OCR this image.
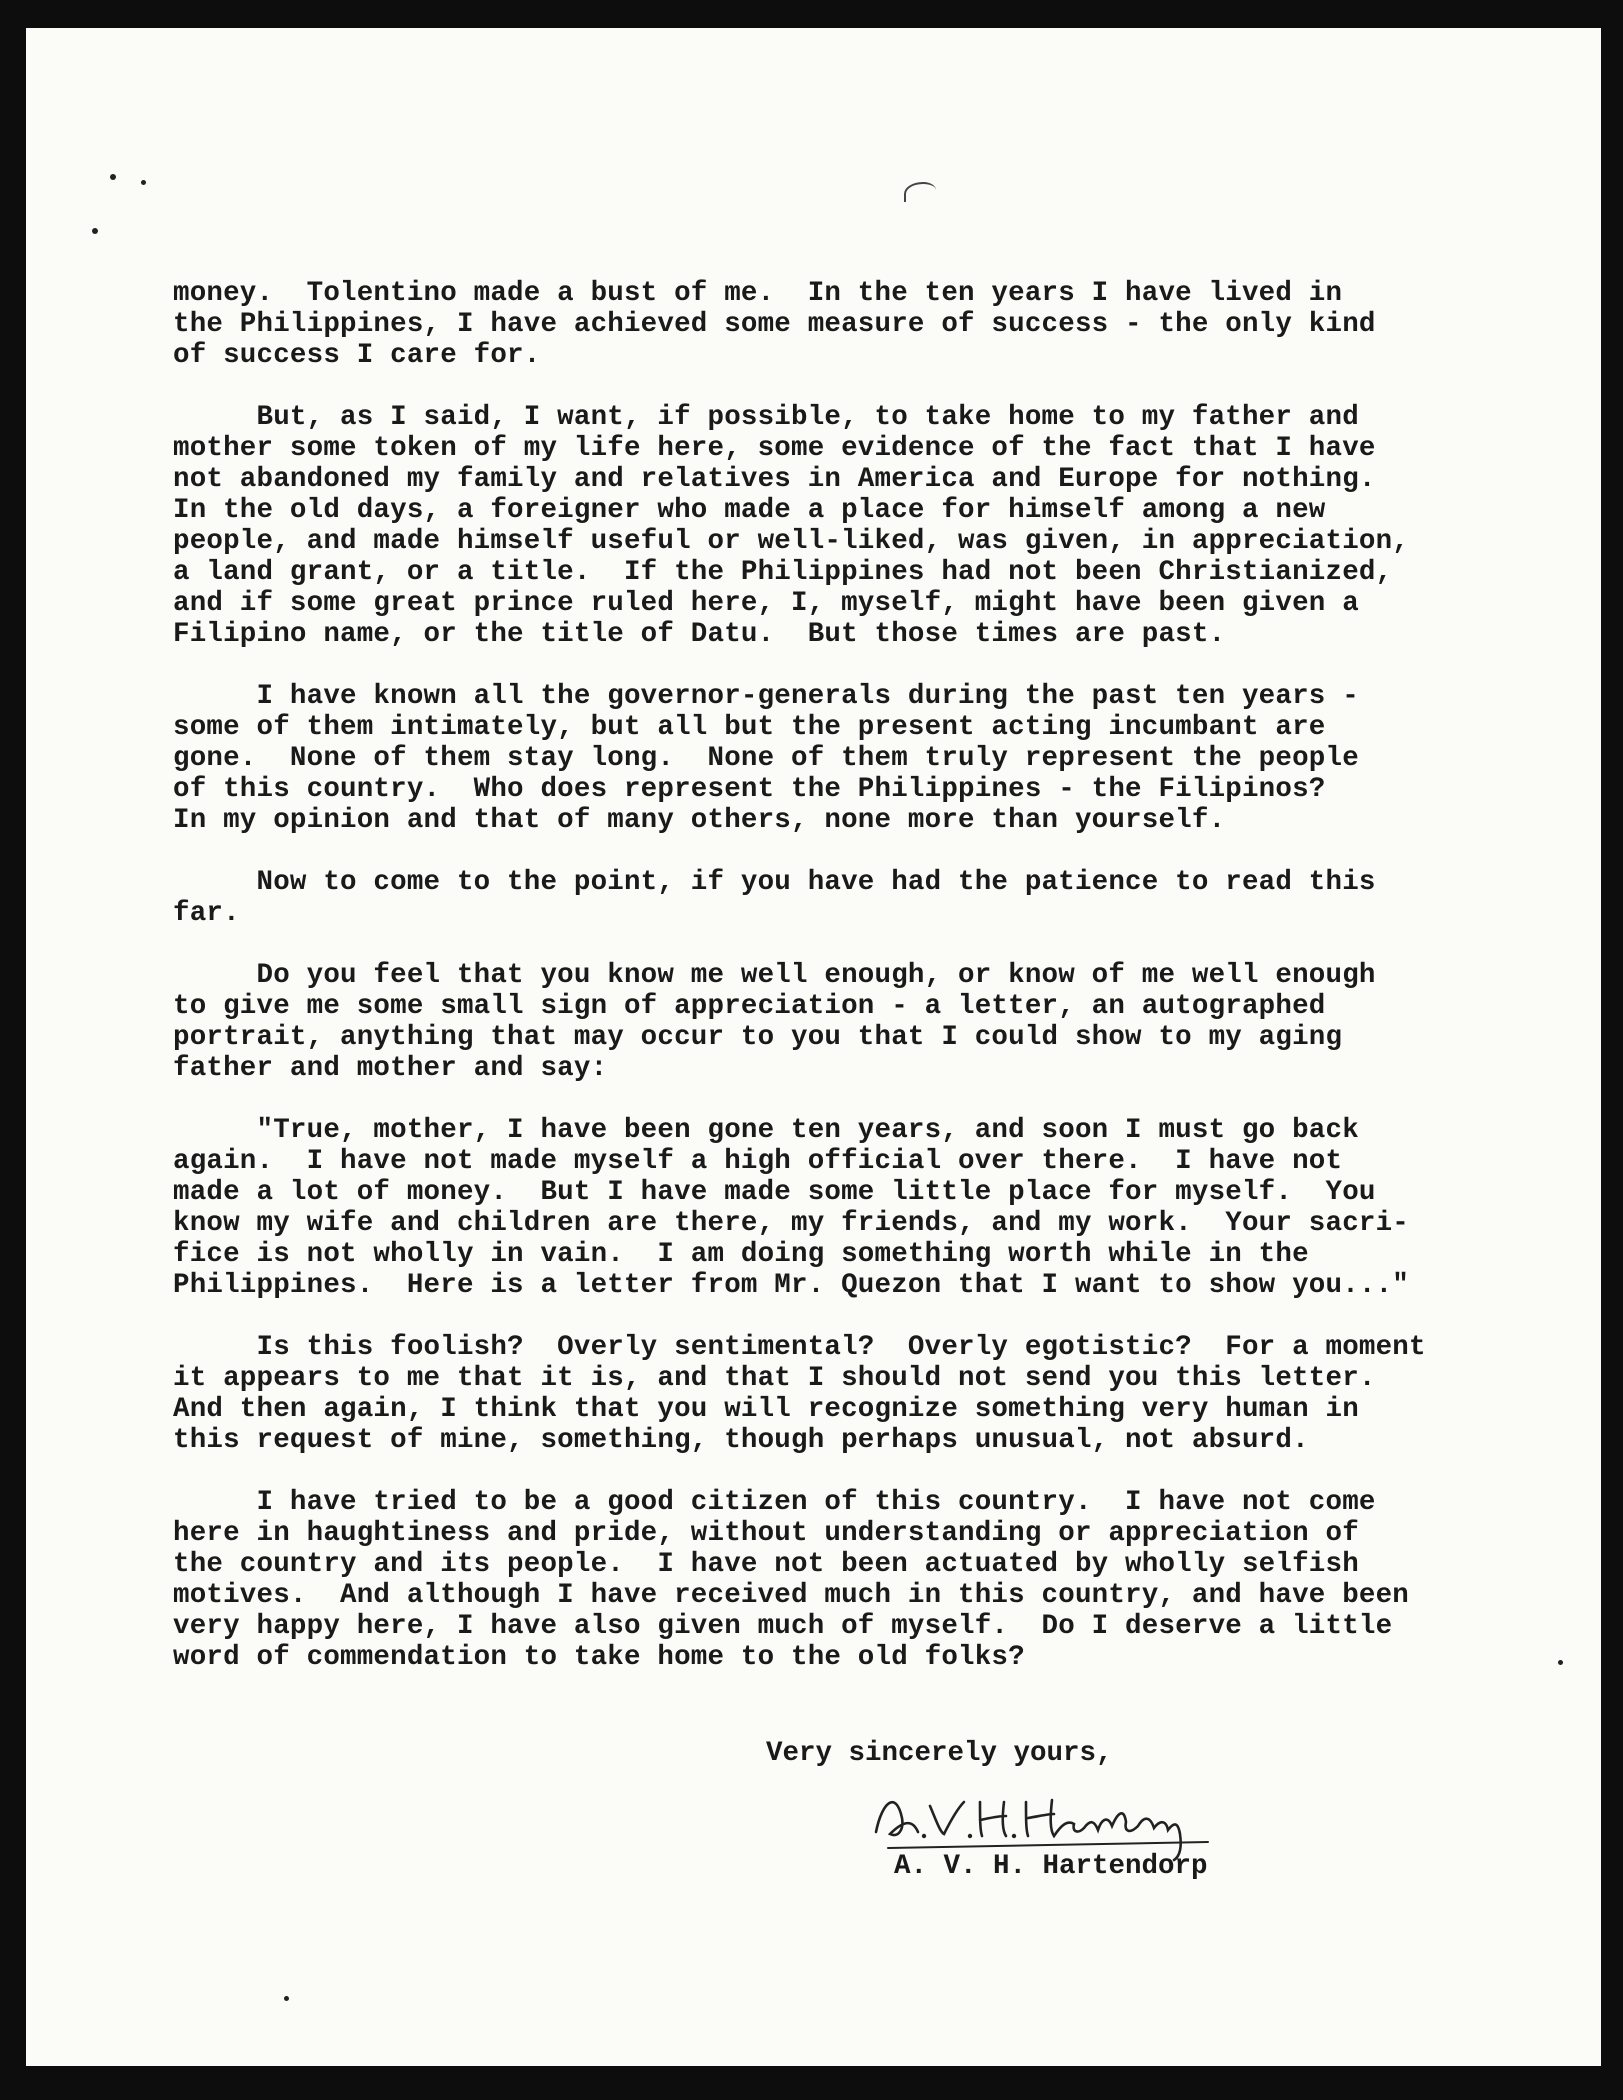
money.  Tolentino made a bust of me.  In the ten years I have lived in
the Philippines, I have achieved some measure of success - the only kind
of success I care for.
But, as I said, I want, if possible, to take home to my father and
mother some token of my life here, some evidence of the fact that I have
not abandoned my family and relatives in America and Europe for nothing.
In the old days, a foreigner who made a place for himself among a new
people, and made himself useful or well-liked, was given, in appreciation,
a land grant, or a title.  If the Philippines had not been Christianized,
and if some great prince ruled here, I, myself, might have been given a
Filipino name, or the title of Datu.  But those times are past.
I have known all the governor-generals during the past ten years -
some of them intimately, but all but the present acting incumbant are
gone.  None of them stay long.  None of them truly represent the people
of this country.  Who does represent the Philippines - the Filipinos?
In my opinion and that of many others, none more than yourself.
Now to come to the point, if you have had the patience to read this
far.
Do you feel that you know me well enough, or know of me well enough
to give me some small sign of appreciation - a letter, an autographed
portrait, anything that may occur to you that I could show to my aging
father and mother and say:
"True, mother, I have been gone ten years, and soon I must go back
again.  I have not made myself a high official over there.  I have not
made a lot of money.  But I have made some little place for myself.  You
know my wife and children are there, my friends, and my work.  Your sacri-
fice is not wholly in vain.  I am doing something worth while in the
Philippines.  Here is a letter from Mr. Quezon that I want to show you..."
Is this foolish?  Overly sentimental?  Overly egotistic?  For a moment
it appears to me that it is, and that I should not send you this letter.
And then again, I think that you will recognize something very human in
this request of mine, something, though perhaps unusual, not absurd.
I have tried to be a good citizen of this country.  I have not come
here in haughtiness and pride, without understanding or appreciation of
the country and its people.  I have not been actuated by wholly selfish
motives.  And although I have received much in this country, and have been
very happy here, I have also given much of myself.  Do I deserve a little
word of commendation to take home to the old folks?
Very sincerely yours,
A. V. H. Hartendorp
